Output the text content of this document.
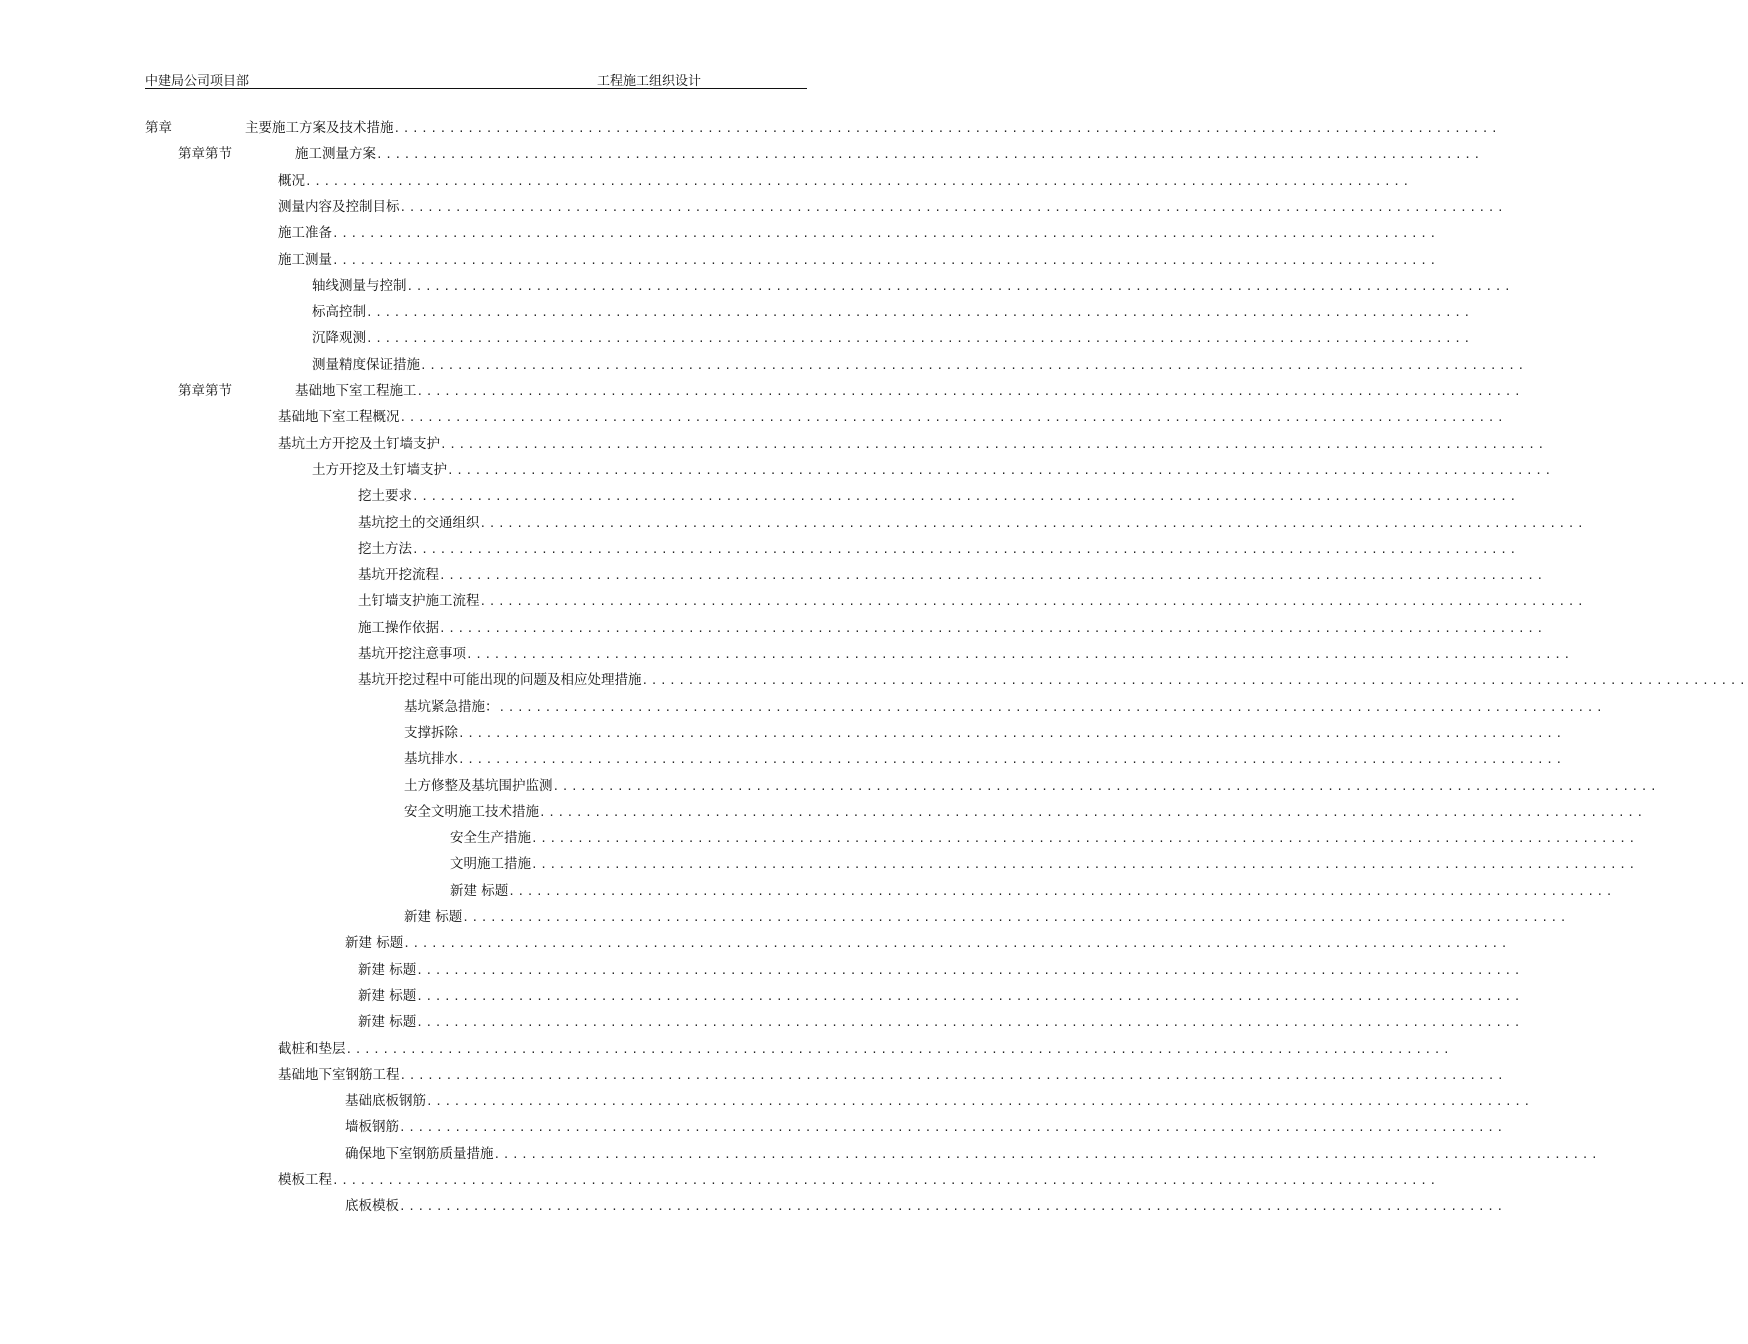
中建局公司项目部	工程施工组织设计
第章	主要施工方案及技术措施 ........................................................................................................................
第章第节	施工测量方案 ........................................................................................................................
概况 ........................................................................................................................
测量内容及控制目标 ........................................................................................................................
施工准备 ........................................................................................................................
施工测量 ........................................................................................................................
轴线测量与控制 ........................................................................................................................
标高控制 ........................................................................................................................
沉降观测 ........................................................................................................................
测量精度保证措施 ........................................................................................................................
第章第节	基础地下室工程施工 ........................................................................................................................
基础地下室工程概况 ........................................................................................................................
基坑土方开挖及土钉墙支护 ........................................................................................................................
土方开挖及土钉墙支护 ........................................................................................................................
挖土要求 ........................................................................................................................
基坑挖土的交通组织 ........................................................................................................................
挖土方法 ........................................................................................................................
基坑开挖流程 ........................................................................................................................
土钉墙支护施工流程 ........................................................................................................................
施工操作依据 ........................................................................................................................
基坑开挖注意事项 ........................................................................................................................
基坑开挖过程中可能出现的问题及相应处理措施 ........................................................................................................................
基坑紧急措施： ........................................................................................................................
支撑拆除 ........................................................................................................................
基坑排水 ........................................................................................................................
土方修整及基坑围护监测 ........................................................................................................................
安全文明施工技术措施 ........................................................................................................................
安全生产措施 ........................................................................................................................
文明施工措施 ........................................................................................................................
新建 标题 ........................................................................................................................
新建 标题 ........................................................................................................................
新建 标题 ........................................................................................................................
新建 标题 ........................................................................................................................
新建 标题 ........................................................................................................................
新建 标题 ........................................................................................................................
截桩和垫层 ........................................................................................................................
基础地下室钢筋工程 ........................................................................................................................
基础底板钢筋 ........................................................................................................................
墙板钢筋 ........................................................................................................................
确保地下室钢筋质量措施 ........................................................................................................................
模板工程 ........................................................................................................................
底板模板 ........................................................................................................................
